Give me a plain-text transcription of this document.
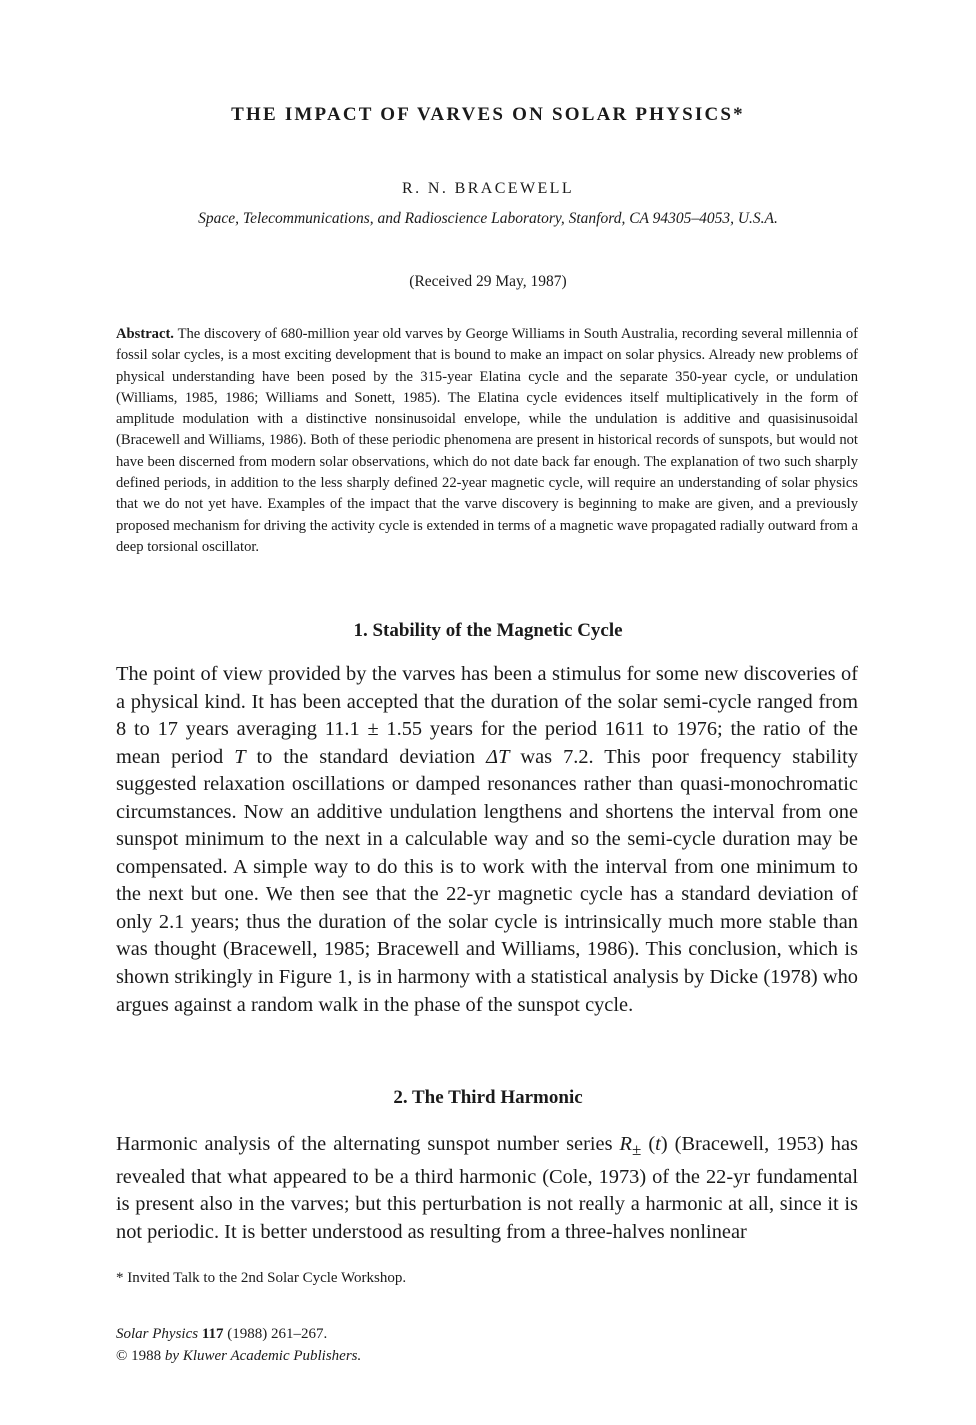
THE IMPACT OF VARVES ON SOLAR PHYSICS*
R. N. BRACEWELL
Space, Telecommunications, and Radioscience Laboratory, Stanford, CA 94305–4053, U.S.A.
(Received 29 May, 1987)

Abstract. The discovery of 680-million year old varves by George Williams in South Australia, recording several millennia of fossil solar cycles, is a most exciting development that is bound to make an impact on solar physics. Already new problems of physical understanding have been posed by the 315-year Elatina cycle and the separate 350-year cycle, or undulation (Williams, 1985, 1986; Williams and Sonett, 1985). The Elatina cycle evidences itself multiplicatively in the form of amplitude modulation with a distinctive nonsinusoidal envelope, while the undulation is additive and quasisinusoidal (Bracewell and Williams, 1986). Both of these periodic phenomena are present in historical records of sunspots, but would not have been discerned from modern solar observations, which do not date back far enough. The explanation of two such sharply defined periods, in addition to the less sharply defined 22-year magnetic cycle, will require an understanding of solar physics that we do not yet have. Examples of the impact that the varve discovery is beginning to make are given, and a previously proposed mechanism for driving the activity cycle is extended in terms of a magnetic wave propagated radially outward from a deep torsional oscillator.

1. Stability of the Magnetic Cycle

The point of view provided by the varves has been a stimulus for some new discoveries of a physical kind. It has been accepted that the duration of the solar semi-cycle ranged from 8 to 17 years averaging 11.1 ± 1.55 years for the period 1611 to 1976; the ratio of the mean period T to the standard deviation ΔT was 7.2. This poor frequency stability suggested relaxation oscillations or damped resonances rather than quasi-monochromatic circumstances. Now an additive undulation lengthens and shortens the interval from one sunspot minimum to the next in a calculable way and so the semi-cycle duration may be compensated. A simple way to do this is to work with the interval from one minimum to the next but one. We then see that the 22-yr magnetic cycle has a standard deviation of only 2.1 years; thus the duration of the solar cycle is intrinsically much more stable than was thought (Bracewell, 1985; Bracewell and Williams, 1986). This conclusion, which is shown strikingly in Figure 1, is in harmony with a statistical analysis by Dicke (1978) who argues against a random walk in the phase of the sunspot cycle.

2. The Third Harmonic

Harmonic analysis of the alternating sunspot number series $R_\pm$ (t) (Bracewell, 1953) has revealed that what appeared to be a third harmonic (Cole, 1973) of the 22-yr fundamental is present also in the varves; but this perturbation is not really a harmonic at all, since it is not periodic. It is better understood as resulting from a three-halves nonlinear

* Invited Talk to the 2nd Solar Cycle Workshop.
Solar Physics 117 (1988) 261–267.
© 1988 by Kluwer Academic Publishers.
